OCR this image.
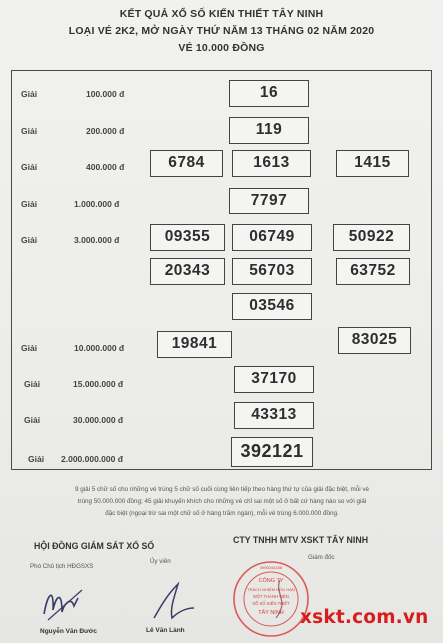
KẾT QUẢ XỔ SỐ KIẾN THIẾT TÂY NINH
LOẠI VÉ 2K2, MỞ NGÀY THỨ NĂM 13 THÁNG 02 NĂM 2020
VÉ 10.000 ĐỒNG
Giải	100.000 đ	16
Giải	200.000 đ	119
Giải	400.000 đ	6784	1613	1415
Giải	1.000.000 đ	7797
Giải	3.000.000 đ	09355	06749	50922
20343	56703	63752
03546
Giải	10.000.000 đ	19841	83025
Giải	15.000.000 đ	37170
Giải	30.000.000 đ	43313
Giải 2.000.000.000 đ	392121
9 giải 5 chữ số cho những vé trúng 5 chữ số cuối cùng liên tiếp theo hàng thứ tự của giải đặc biệt, mỗi vé
trúng 50.000.000 đồng; 45 giải khuyến khích cho những vé chỉ sai một số ở bất cứ hàng nào so với giải
đặc biệt (ngoại trừ sai một chữ số ở hàng trăm ngàn), mỗi vé trúng 6.000.000 đồng.
HỘI ĐỒNG GIÁM SÁT XỔ SỐ
Phó Chủ tịch HĐGSXS
Ủy viên
Nguyễn Văn Đước	Lê Văn Lành
CTY TNHH MTV XSKT TÂY NINH
Giám đốc
CÔNG TY
TRÁCH NHIỆM HỮU HẠN
MỘT THÀNH VIÊN
XỔ SỐ KIẾN THIẾT
TÂY NINH
3900244438
xskt.com.vn
